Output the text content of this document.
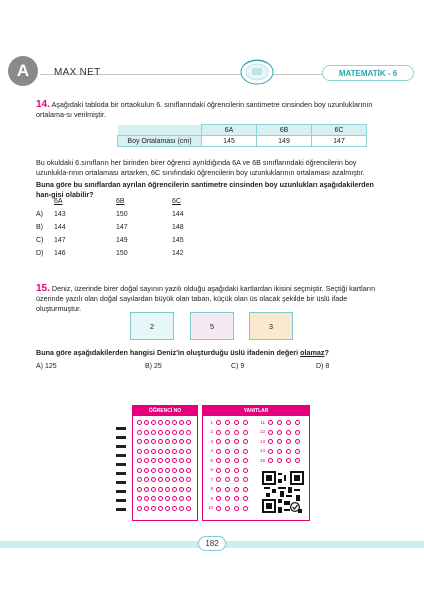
A	MAX NET	MATEMATİK - 6
14. Aşağıdaki tabloda bir ortaokulun 6. sınıflarındaki öğrencilerin santimetre cinsinden boy uzunluklarının ortalama-sı verilmiştir.
	6A	6B	6C
Boy Ortalaması (cm)	145	149	147
Bu okuldaki 6.sınıfların her birinden birer öğrenci ayrıldığında 6A ve 6B sınıflarındaki öğrencilerin boy uzunlukla-rının ortalaması artarken, 6C sınıfındaki öğrencilerin boy uzunluklarının ortalaması azalmıştır.
Buna göre bu sınıflardan ayrılan öğrencilerin santimetre cinsinden boy uzunlukları aşağıdakilerden han-gisi olabilir?
6A	6B	6C
A) 143	150	144
B) 144	147	148
C) 147	149	145
D) 146	150	142
15. Deniz, üzerinde birer doğal sayının yazılı olduğu aşağıdaki kartlardan ikisini seçmiştir. Seçtiği kartların üzerinde yazılı olan doğal sayılardan büyük olan taban, küçük olan üs olacak şekilde bir üslü ifade oluşturmuştur.
2	5	3
Buna göre aşağıdakilerden hangisi Deniz'in oluşturduğu üslü ifadenin değeri olamaz?
A) 125	B) 25	C) 9	D) 8
ÖĞRENCİ NO	YANITLAR
1
2
3
4
5
6
7
8
9
10
11
12
13
14
15
182
